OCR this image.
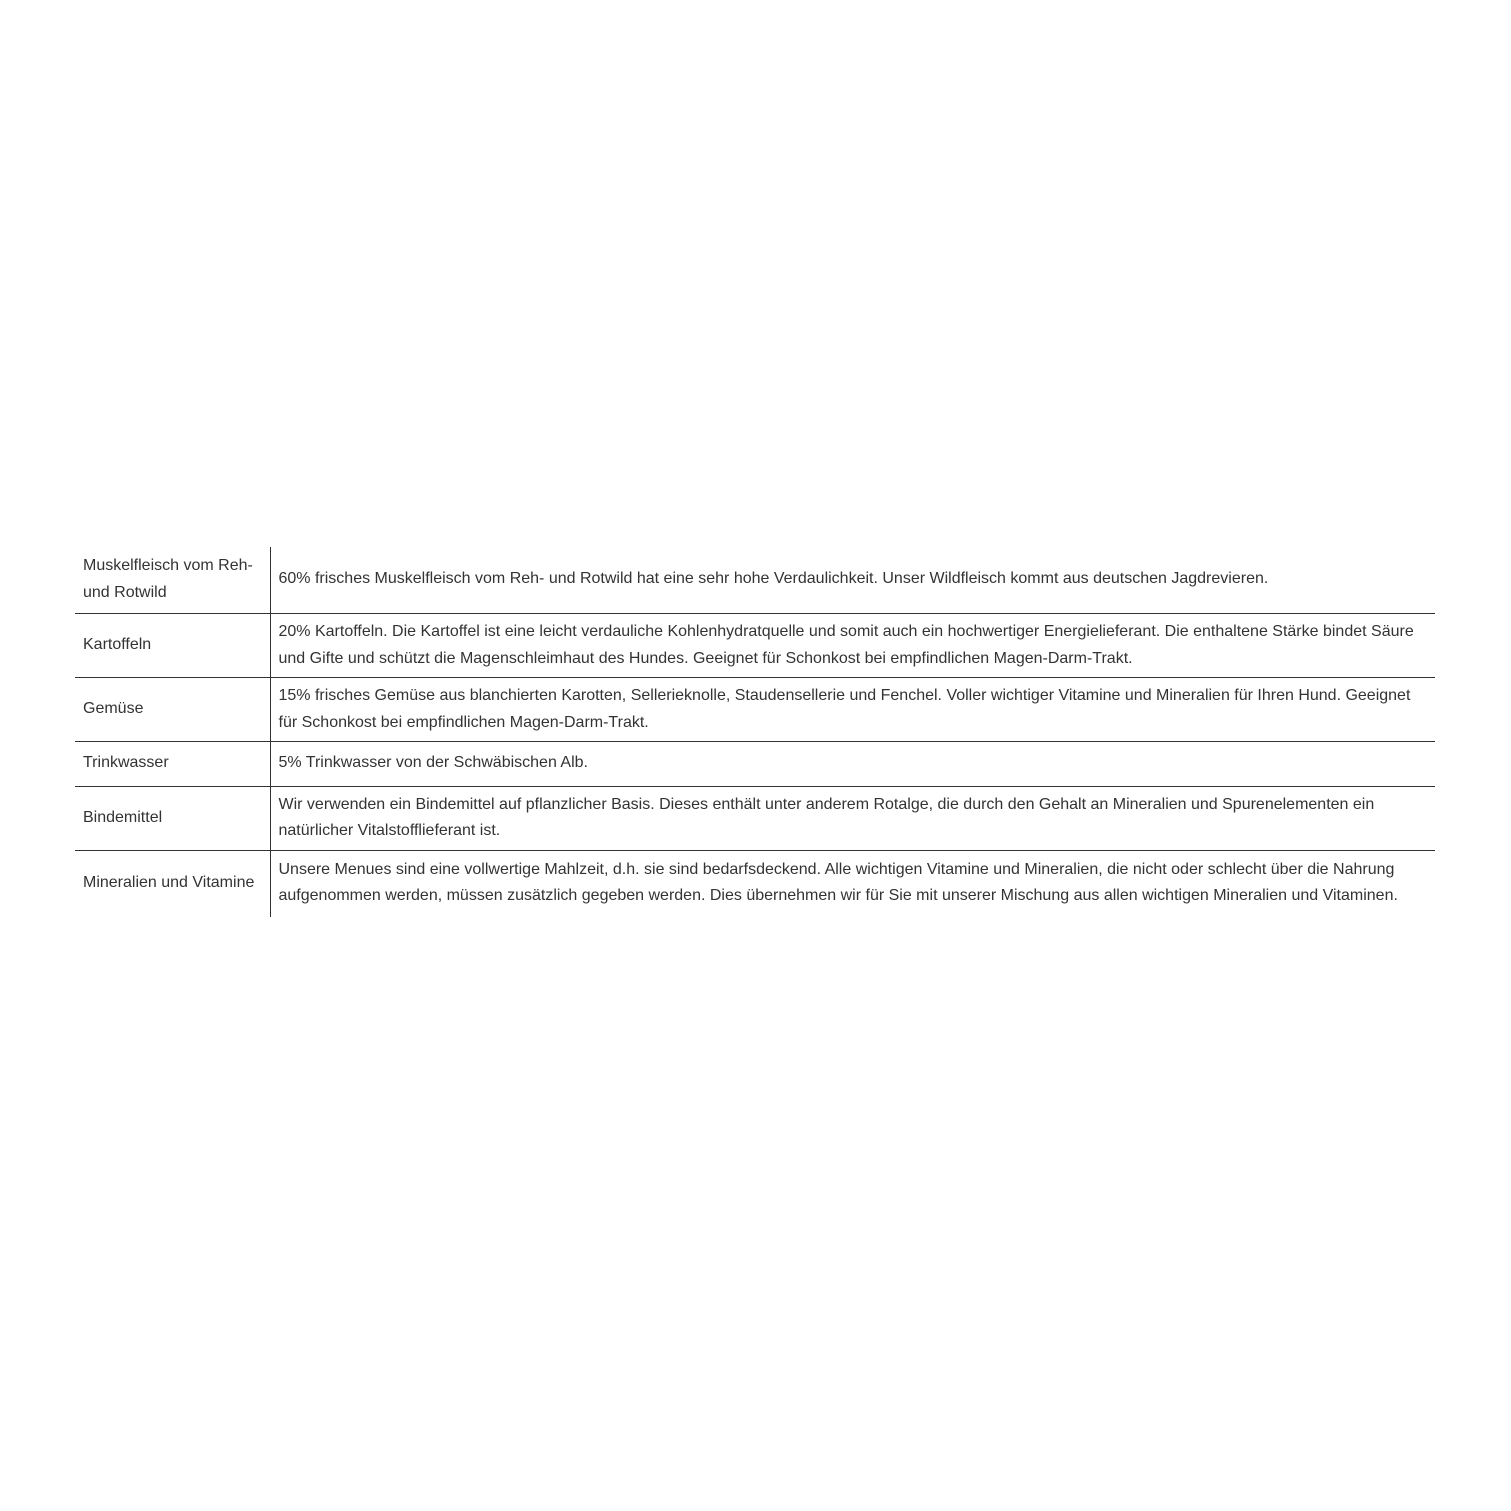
Muskelfleisch vom Reh- und Rotwild	60% frisches Muskelfleisch vom Reh- und Rotwild hat eine sehr hohe Verdaulichkeit. Unser Wildfleisch kommt aus deutschen Jagdrevieren.
Kartoffeln	20% Kartoffeln. Die Kartoffel ist eine leicht verdauliche Kohlenhydratquelle und somit auch ein hochwertiger Energielieferant. Die enthaltene Stärke bindet Säure und Gifte und schützt die Magenschleimhaut des Hundes. Geeignet für Schonkost bei empfindlichen Magen-Darm-Trakt.
Gemüse	15% frisches Gemüse aus blanchierten Karotten, Sellerieknolle, Staudensellerie und Fenchel. Voller wichtiger Vitamine und Mineralien für Ihren Hund. Geeignet für Schonkost bei empfindlichen Magen-Darm-Trakt.
Trinkwasser	5% Trinkwasser von der Schwäbischen Alb.
Bindemittel	Wir verwenden ein Bindemittel auf pflanzlicher Basis. Dieses enthält unter anderem Rotalge, die durch den Gehalt an Mineralien und Spurenelementen ein natürlicher Vitalstofflieferant ist.
Mineralien und Vitamine	Unsere Menues sind eine vollwertige Mahlzeit, d.h. sie sind bedarfsdeckend. Alle wichtigen Vitamine und Mineralien, die nicht oder schlecht über die Nahrung aufgenommen werden, müssen zusätzlich gegeben werden. Dies übernehmen wir für Sie mit unserer Mischung aus allen wichtigen Mineralien und Vitaminen.
